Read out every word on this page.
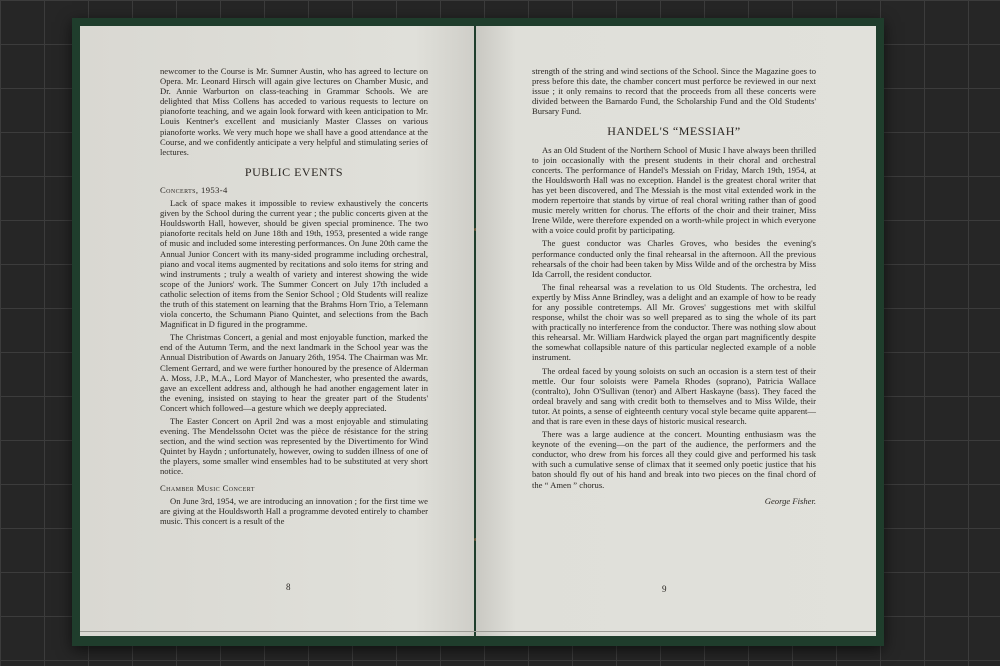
newcomer to the Course is Mr. Sumner Austin, who has agreed to lecture on Opera. Mr. Leonard Hirsch will again give lectures on Chamber Music, and Dr. Annie Warburton on class-teaching in Grammar Schools. We are delighted that Miss Collens has acceded to various requests to lecture on pianoforte teaching, and we again look forward with keen anticipation to Mr. Louis Kentner's excellent and musicianly Master Classes on various pianoforte works. We very much hope we shall have a good attendance at the Course, and we confidently anticipate a very helpful and stimulating series of lectures.

PUBLIC EVENTS
Concerts, 1953-4

Lack of space makes it impossible to review exhaustively the concerts given by the School during the current year ; the public concerts given at the Houldsworth Hall, however, should be given special prominence. The two pianoforte recitals held on June 18th and 19th, 1953, presented a wide range of music and included some interesting performances. On June 20th came the Annual Junior Concert with its many-sided programme including orchestral, piano and vocal items augmented by recitations and solo items for string and wind instruments ; truly a wealth of variety and interest showing the wide scope of the Juniors' work. The Summer Concert on July 17th included a catholic selection of items from the Senior School ; Old Students will realize the truth of this statement on learning that the Brahms Horn Trio, a Telemann viola concerto, the Schumann Piano Quintet, and selections from the Bach Magnificat in D figured in the programme.

The Christmas Concert, a genial and most enjoyable function, marked the end of the Autumn Term, and the next landmark in the School year was the Annual Distribution of Awards on January 26th, 1954. The Chairman was Mr. Clement Gerrard, and we were further honoured by the presence of Alderman A. Moss, J.P., M.A., Lord Mayor of Manchester, who presented the awards, gave an excellent address and, although he had another engagement later in the evening, insisted on staying to hear the greater part of the Students' Concert which followed—a gesture which we deeply appreciated.

The Easter Concert on April 2nd was a most enjoyable and stimulating evening. The Mendelssohn Octet was the pièce de résistance for the string section, and the wind section was represented by the Divertimento for Wind Quintet by Haydn ; unfortunately, however, owing to sudden illness of one of the players, some smaller wind ensembles had to be substituted at very short notice.

Chamber Music Concert

On June 3rd, 1954, we are introducing an innovation ; for the first time we are giving at the Houldsworth Hall a programme devoted entirely to chamber music. This concert is a result of the

8

strength of the string and wind sections of the School. Since the Magazine goes to press before this date, the chamber concert must perforce be reviewed in our next issue ; it only remains to record that the proceeds from all these concerts were divided between the Barnardo Fund, the Scholarship Fund and the Old Students' Bursary Fund.

HANDEL'S “MESSIAH”

As an Old Student of the Northern School of Music I have always been thrilled to join occasionally with the present students in their choral and orchestral concerts. The performance of Handel's Messiah on Friday, March 19th, 1954, at the Houldsworth Hall was no exception. Handel is the greatest choral writer that has yet been discovered, and The Messiah is the most vital extended work in the modern repertoire that stands by virtue of real choral writing rather than of good music merely written for chorus. The efforts of the choir and their trainer, Miss Irene Wilde, were therefore expended on a worth-while project in which everyone with a voice could profit by participating.

The guest conductor was Charles Groves, who besides the evening's performance conducted only the final rehearsal in the afternoon. All the previous rehearsals of the choir had been taken by Miss Wilde and of the orchestra by Miss Ida Carroll, the resident conductor.

The final rehearsal was a revelation to us Old Students. The orchestra, led expertly by Miss Anne Brindley, was a delight and an example of how to be ready for any possible contretemps. All Mr. Groves' suggestions met with skilful response, whilst the choir was so well prepared as to sing the whole of its part with practically no interference from the conductor. There was nothing slow about this rehearsal. Mr. William Hardwick played the organ part magnificently despite the somewhat collapsible nature of this particular neglected example of a noble instrument.

The ordeal faced by young soloists on such an occasion is a stern test of their mettle. Our four soloists were Pamela Rhodes (soprano), Patricia Wallace (contralto), John O'Sullivan (tenor) and Albert Haskayne (bass). They faced the ordeal bravely and sang with credit both to themselves and to Miss Wilde, their tutor. At points, a sense of eighteenth century vocal style became quite apparent—and that is rare even in these days of historic musical research.

There was a large audience at the concert. Mounting enthusiasm was the keynote of the evening—on the part of the audience, the performers and the conductor, who drew from his forces all they could give and performed his task with such a cumulative sense of climax that it seemed only poetic justice that his baton should fly out of his hand and break into two pieces on the final chord of the “ Amen ” chorus.

George Fisher.
9
